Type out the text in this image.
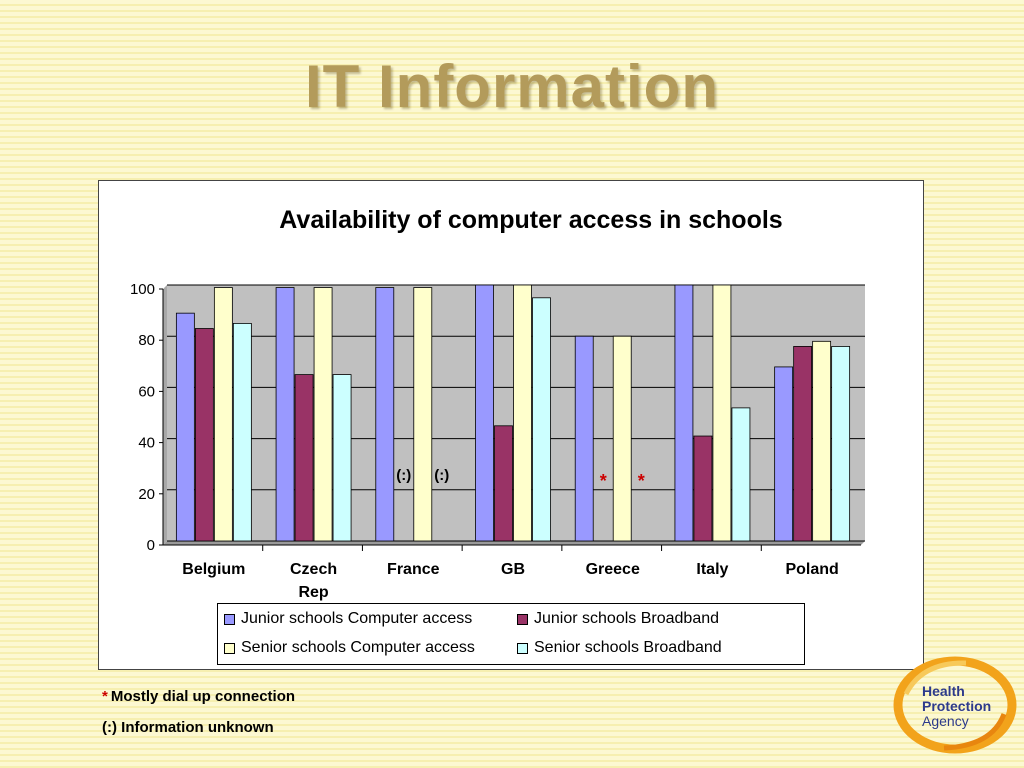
IT Information
Availability of computer access in schools
0
20
40
60
80
100
Belgium	Czech
Rep
France	GB	Greece	Italy	Poland
(:) (:)	* *
Junior schools Computer access	Junior schools Broadband
Senior schools Computer access	Senior schools Broadband
* Mostly dial up connection
(:) Information unknown
Health
Protection
Agency
